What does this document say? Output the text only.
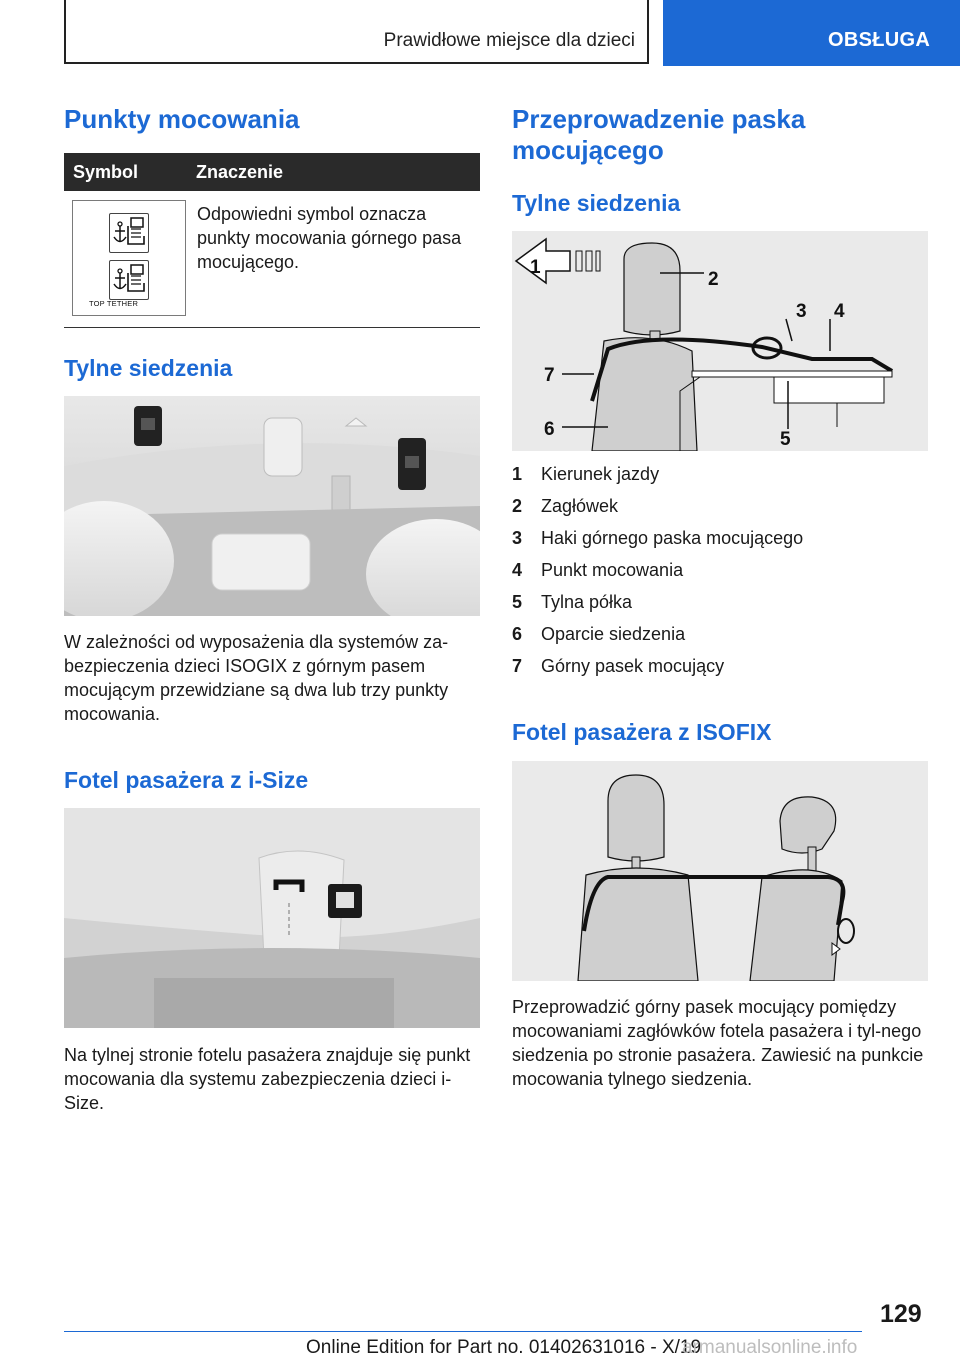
Prawidłowe miejsce dla dzieci	OBSŁUGA
Punkty mocowania
Symbol	Znaczenie
TOP TETHER
Odpowiedni symbol oznacza punkty mocowania górnego pasa mocującego.
Tylne siedzenia
W zależności od wyposażenia dla systemów za-bezpieczenia dzieci ISOGIX z górnym pasem mocującym przewidziane są dwa lub trzy punkty mocowania.
Fotel pasażera z i-Size
Na tylnej stronie fotelu pasażera znajduje się punkt mocowania dla systemu zabezpieczenia dzieci i-Size.
Przeprowadzenie paska mocującego
Tylne siedzenia
1
2
3 4
5
6
7
1 Kierunek jazdy
2 Zagłówek
3 Haki górnego paska mocującego
4 Punkt mocowania
5 Tylna półka
6 Oparcie siedzenia
7 Górny pasek mocujący
Fotel pasażera z ISOFIX
Przeprowadzić górny pasek mocujący pomiędzy mocowaniami zagłówków fotela pasażera i tyl-nego siedzenia po stronie pasażera. Zawiesić na punkcie mocowania tylnego siedzenia.
129
Online Edition for Part no. 01402631016 - X/19
armanualsonline.info
